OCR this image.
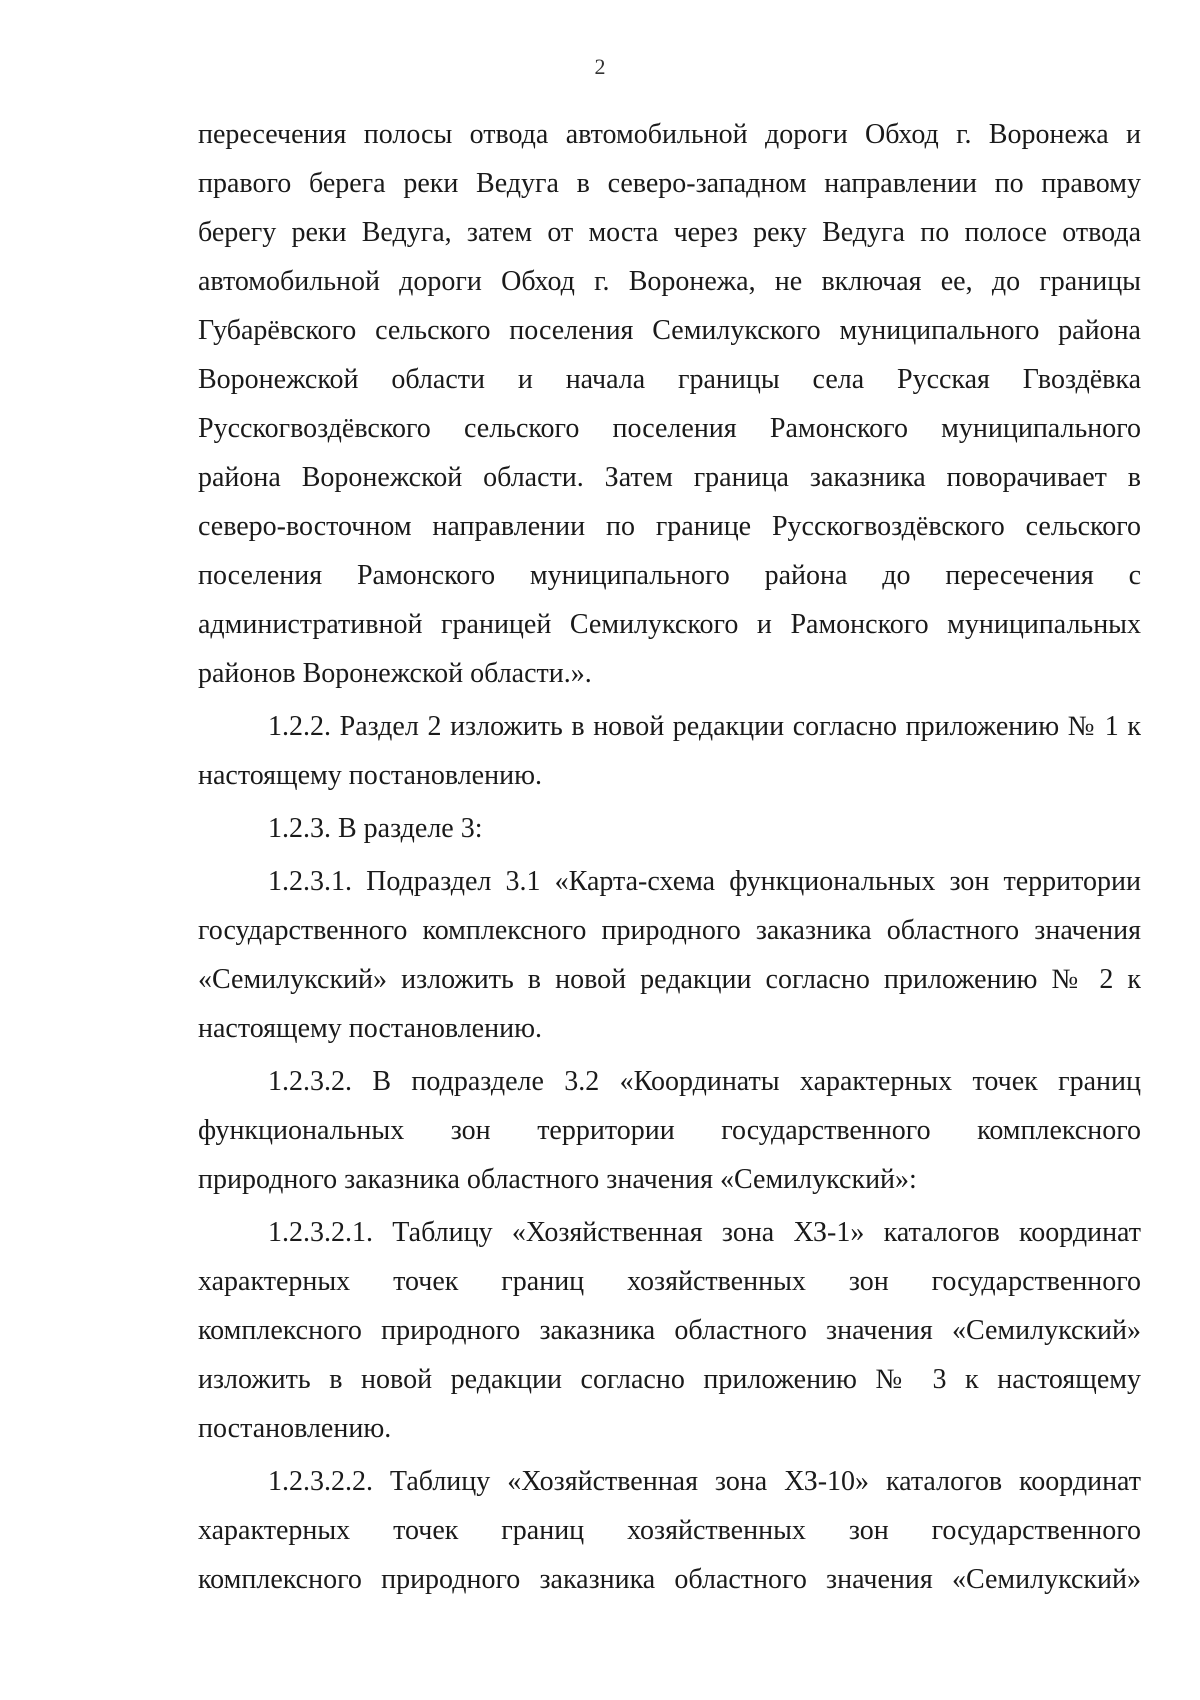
2
пересечения полосы отвода автомобильной дороги Обход г. Воронежа и
правого берега реки Ведуга в северо-западном направлении по правому
берегу реки Ведуга, затем от моста через реку Ведуга по полосе отвода
автомобильной дороги Обход г. Воронежа, не включая ее, до границы
Губарёвского сельского поселения Семилукского муниципального района
Воронежской области и начала границы села Русская Гвоздёвка
Русскогвоздёвского сельского поселения Рамонского муниципального
района Воронежской области. Затем граница заказника поворачивает в
северо-восточном направлении по границе Русскогвоздёвского сельского
поселения Рамонского муниципального района до пересечения с
административной границей Семилукского и Рамонского муниципальных
районов Воронежской области.».
1.2.2. Раздел 2 изложить в новой редакции согласно приложению № 1 к
настоящему постановлению.
1.2.3. В разделе 3:
1.2.3.1. Подраздел 3.1 «Карта-схема функциональных зон территории
государственного комплексного природного заказника областного значения
«Семилукский» изложить в новой редакции согласно приложению № 2 к
настоящему постановлению.
1.2.3.2. В подразделе 3.2 «Координаты характерных точек границ
функциональных зон территории государственного комплексного
природного заказника областного значения «Семилукский»:
1.2.3.2.1. Таблицу «Хозяйственная зона ХЗ-1» каталогов координат
характерных точек границ хозяйственных зон государственного
комплексного природного заказника областного значения «Семилукский»
изложить в новой редакции согласно приложению № 3 к настоящему
постановлению.
1.2.3.2.2. Таблицу «Хозяйственная зона ХЗ-10» каталогов координат
характерных точек границ хозяйственных зон государственного
комплексного природного заказника областного значения «Семилукский»
